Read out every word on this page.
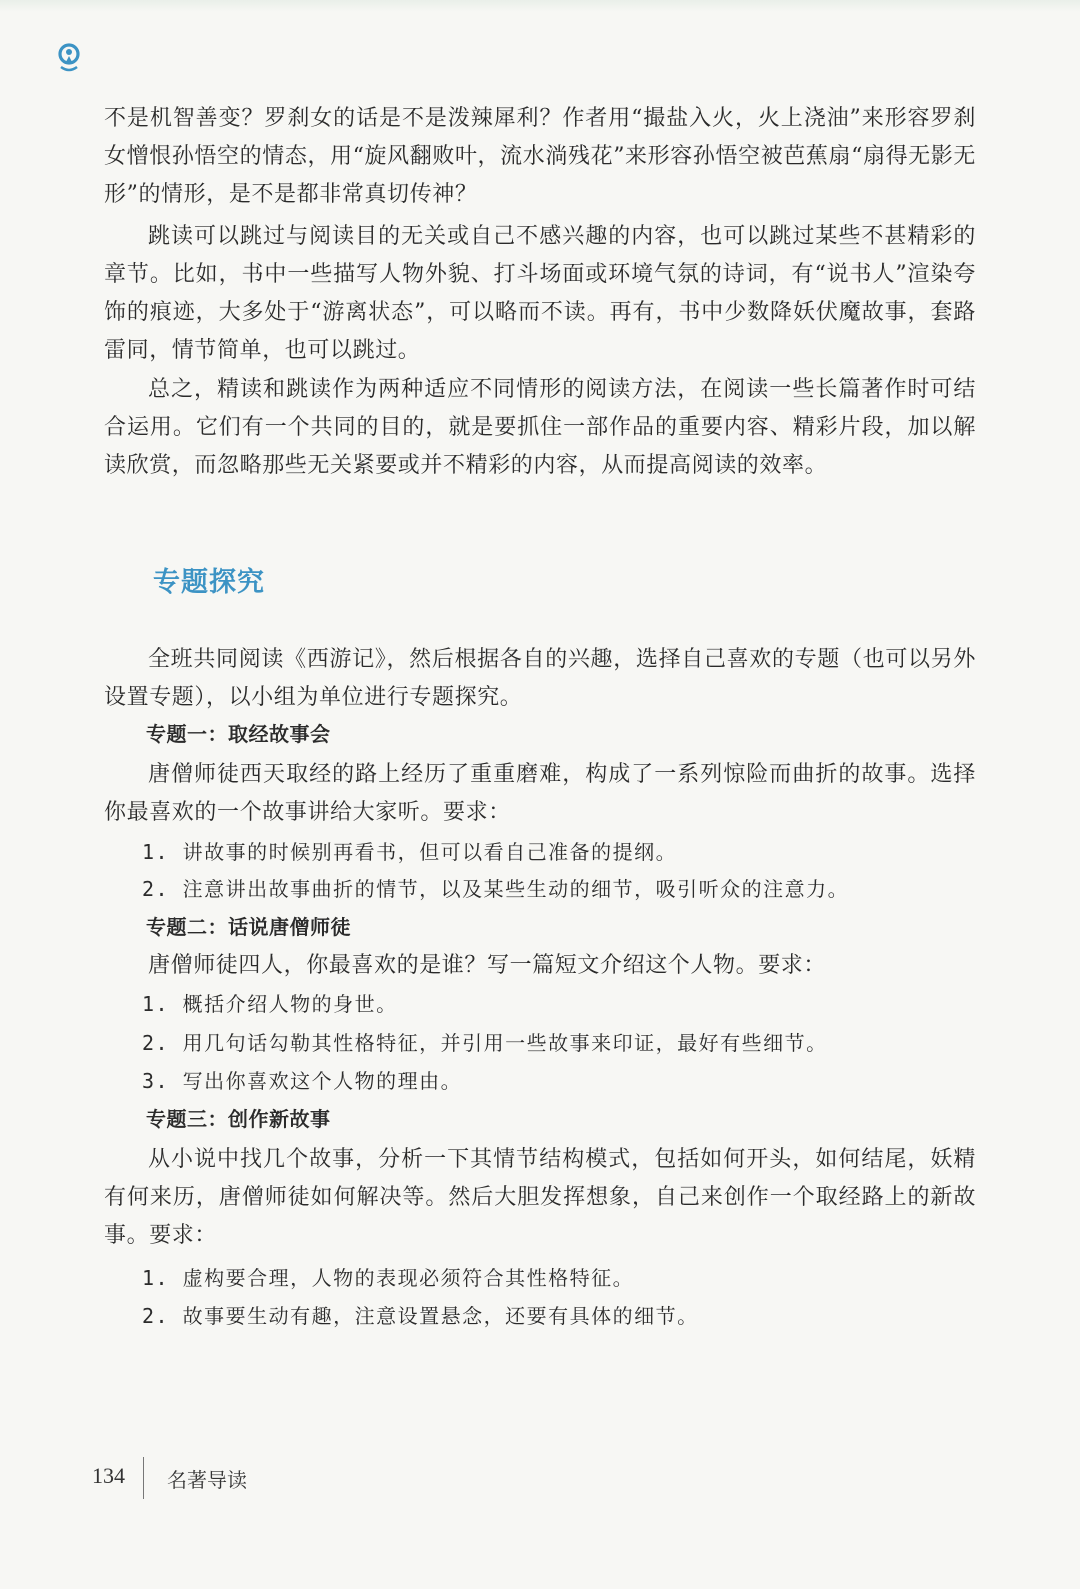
不是机智善变？罗刹女的话是不是泼辣犀利？作者用“撮盐入火，火上浇油”来形容罗刹女憎恨孙悟空的情态，用“旋风翻败叶，流水淌残花”来形容孙悟空被芭蕉扇“扇得无影无形”的情形，是不是都非常真切传神？

跳读可以跳过与阅读目的无关或自己不感兴趣的内容，也可以跳过某些不甚精彩的章节。比如，书中一些描写人物外貌、打斗场面或环境气氛的诗词，有“说书人”渲染夸饰的痕迹，大多处于“游离状态”，可以略而不读。再有，书中少数降妖伏魔故事，套路雷同，情节简单，也可以跳过。

总之，精读和跳读作为两种适应不同情形的阅读方法，在阅读一些长篇著作时可结合运用。它们有一个共同的目的，就是要抓住一部作品的重要内容、精彩片段，加以解读欣赏，而忽略那些无关紧要或并不精彩的内容，从而提高阅读的效率。

专题探究

全班共同阅读《西游记》，然后根据各自的兴趣，选择自己喜欢的专题（也可以另外设置专题），以小组为单位进行专题探究。

专题一：取经故事会

唐僧师徒西天取经的路上经历了重重磨难，构成了一系列惊险而曲折的故事。选择你最喜欢的一个故事讲给大家听。要求：

1. 讲故事的时候别再看书，但可以看自己准备的提纲。

2. 注意讲出故事曲折的情节，以及某些生动的细节，吸引听众的注意力。

专题二：话说唐僧师徒

唐僧师徒四人，你最喜欢的是谁？写一篇短文介绍这个人物。要求：

1. 概括介绍人物的身世。

2. 用几句话勾勒其性格特征，并引用一些故事来印证，最好有些细节。

3. 写出你喜欢这个人物的理由。

专题三：创作新故事

从小说中找几个故事，分析一下其情节结构模式，包括如何开头，如何结尾，妖精有何来历，唐僧师徒如何解决等。然后大胆发挥想象，自己来创作一个取经路上的新故事。要求：

1. 虚构要合理，人物的表现必须符合其性格特征。

2. 故事要生动有趣，注意设置悬念，还要有具体的细节。

134 名著导读
